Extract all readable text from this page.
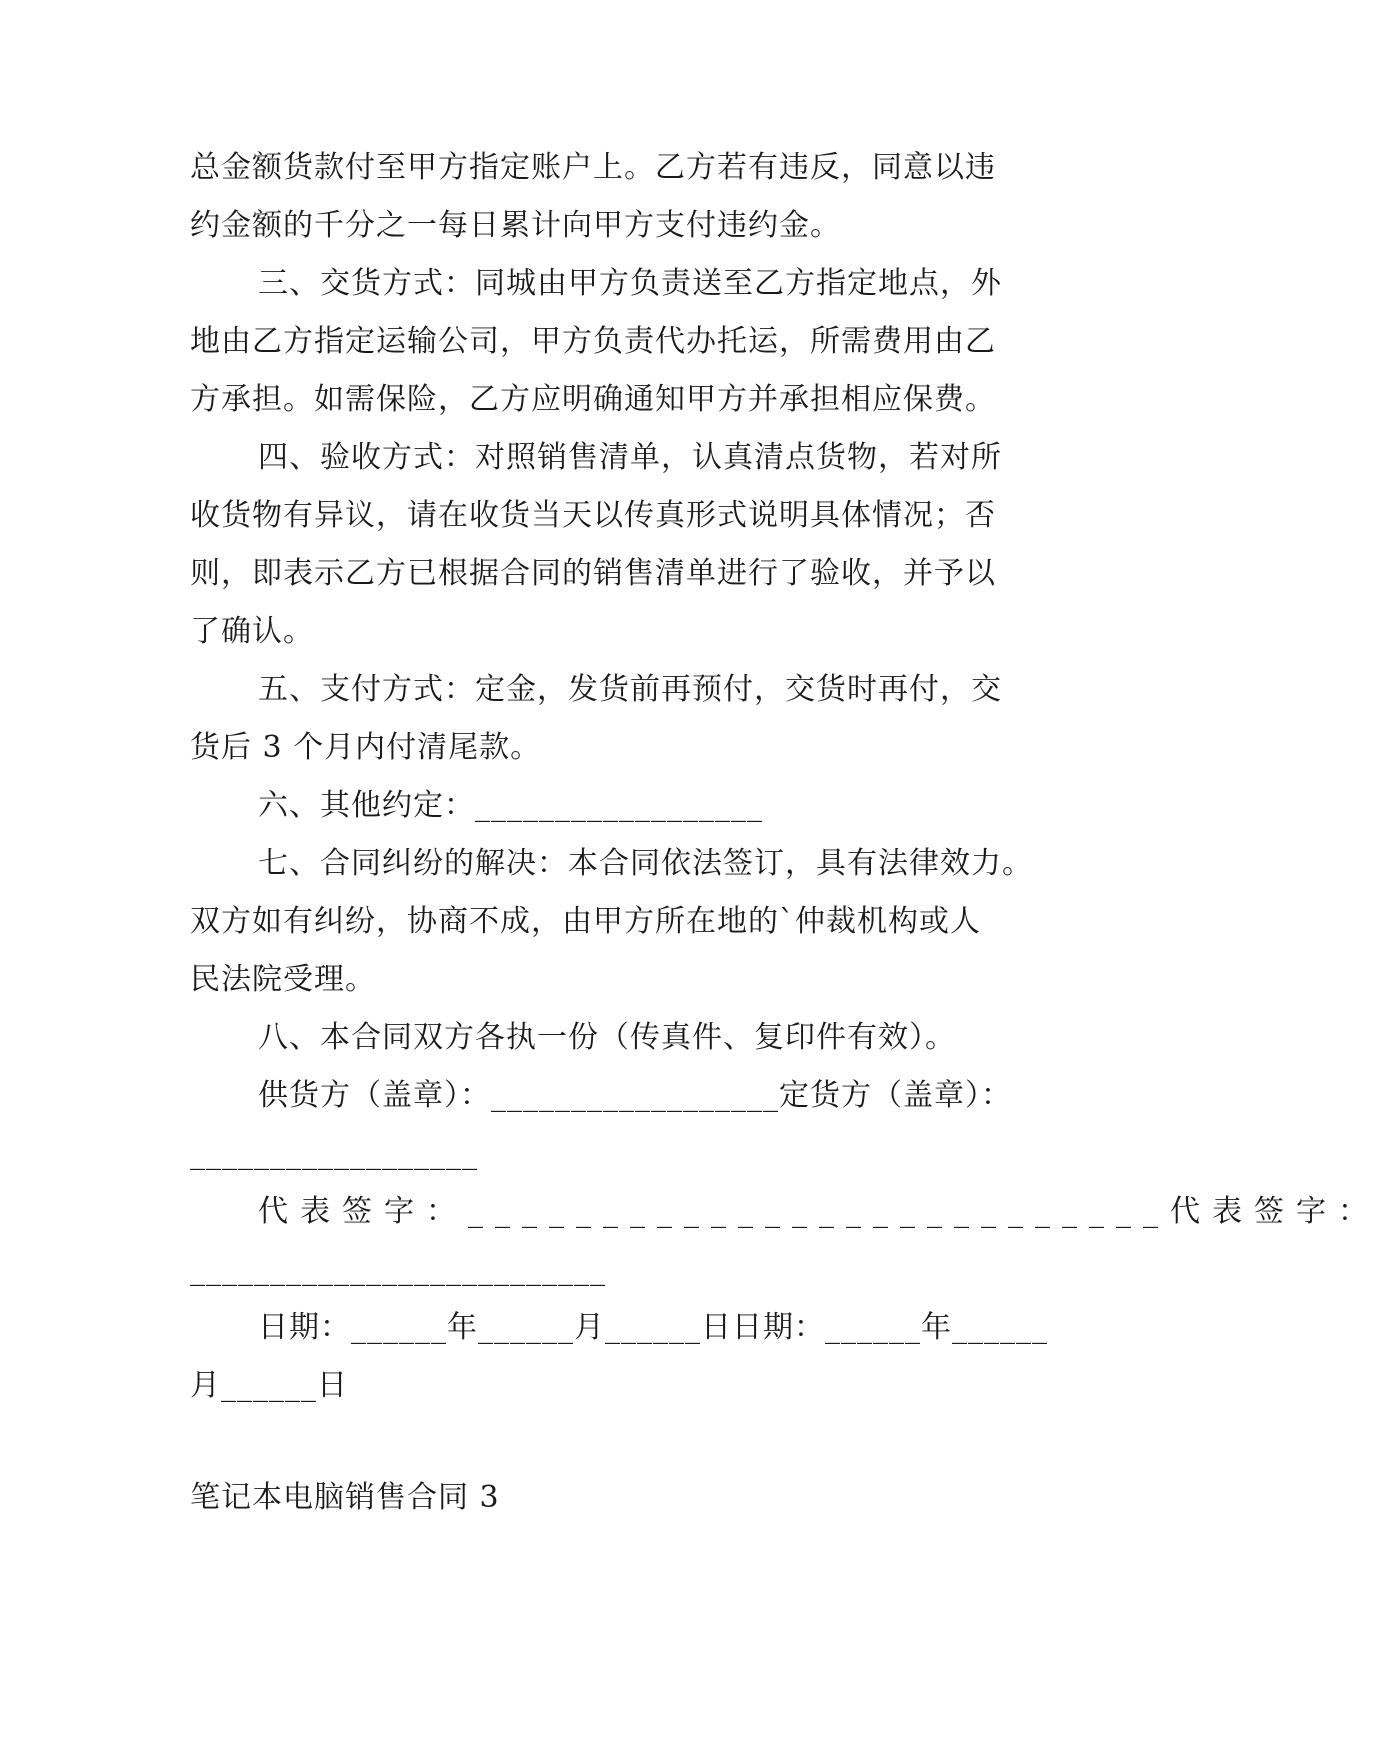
总金额货款付至甲方指定账户上。乙方若有违反，同意以违
约金额的千分之一每日累计向甲方支付违约金。
三、交货方式：同城由甲方负责送至乙方指定地点，外
地由乙方指定运输公司，甲方负责代办托运，所需费用由乙
方承担。如需保险，乙方应明确通知甲方并承担相应保费。
四、验收方式：对照销售清单，认真清点货物，若对所
收货物有异议，请在收货当天以传真形式说明具体情况；否
则，即表示乙方已根据合同的销售清单进行了验收，并予以
了确认。
五、支付方式：定金，发货前再预付，交货时再付，交
货后 3 个月内付清尾款。
六、其他约定：__________________
七、合同纠纷的解决：本合同依法签订，具有法律效力。
双方如有纠纷，协商不成，由甲方所在地的`仲裁机构或人
民法院受理。
八、本合同双方各执一份（传真件、复印件有效）。
供货方（盖章）：__________________定货方（盖章）：
__________________
代表签字：__________________________代表签字：
__________________________
日期：______年______月______日日期：______年______
月______日
笔记本电脑销售合同 3
